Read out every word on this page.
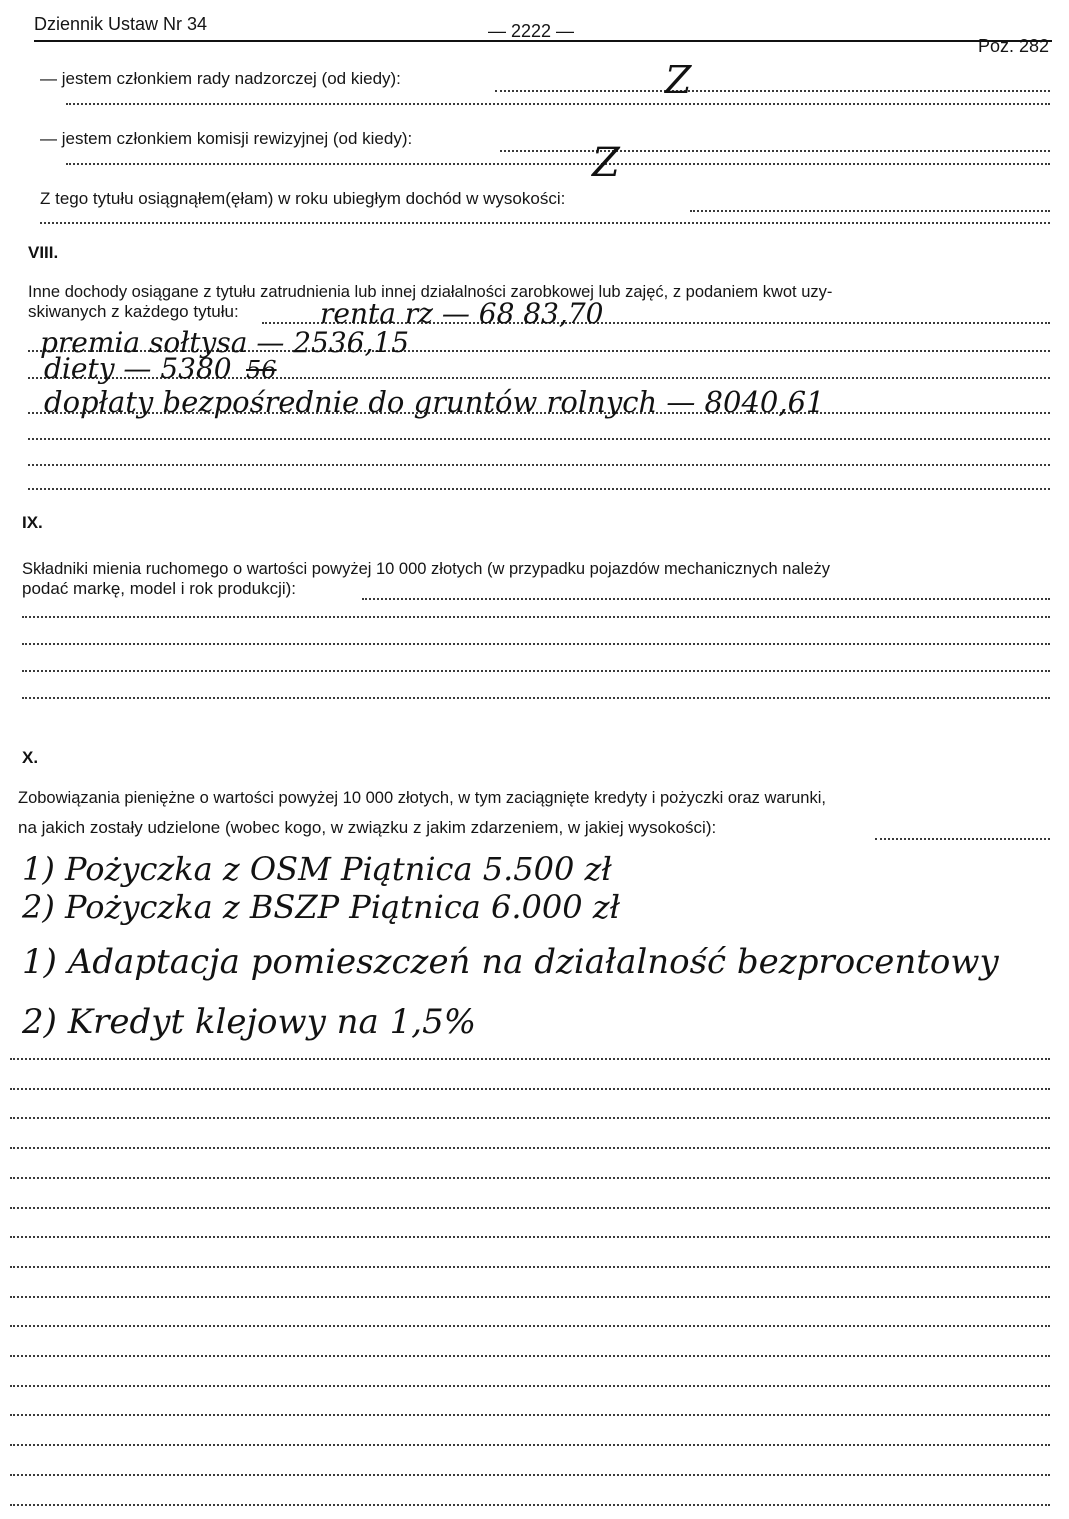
Dziennik Ustaw Nr 34	— 2222 —
Poz. 282
— jestem członkiem rady nadzorczej (od kiedy):	Z
— jestem członkiem komisji rewizyjnej (od kiedy):
Z
Z tego tytułu osiągnąłem(ęłam) w roku ubiegłym dochód w wysokości:
VIII.
Inne dochody osiągane z tytułu zatrudnienia lub innej działalności zarobkowej lub zajęć, z podaniem kwot uzy-
skiwanych z każdego tytułu:	renta rz — 68 83,70
premia sołtysa — 2536,15
diety — 5380 56
dopłaty bezpośrednie do gruntów rolnych — 8040,61
IX.
Składniki mienia ruchomego o wartości powyżej 10 000 złotych (w przypadku pojazdów mechanicznych należy
podać markę, model i rok produkcji):
X.
Zobowiązania pieniężne o wartości powyżej 10 000 złotych, w tym zaciągnięte kredyty i pożyczki oraz warunki,
na jakich zostały udzielone (wobec kogo, w związku z jakim zdarzeniem, w jakiej wysokości):
1) Pożyczka z OSM Piątnica 5.500 zł
2) Pożyczka z BSZP Piątnica 6.000 zł
1) Adaptacja pomieszczeń na działalność bezprocentowy
2) Kredyt klejowy na 1,5%
